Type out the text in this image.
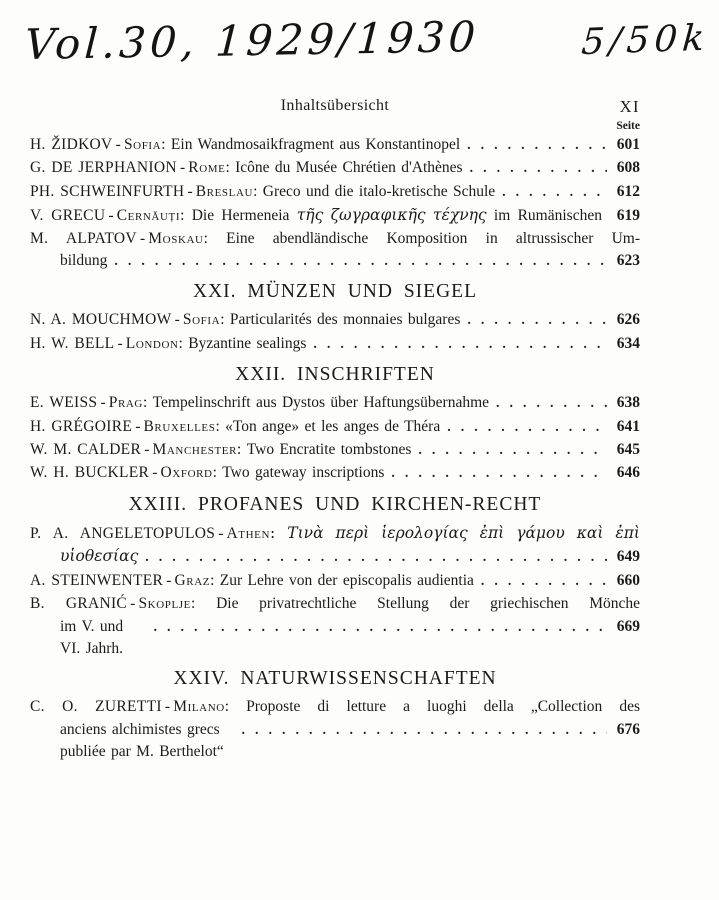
Vol.30, 1929/1930	5/50k
Inhaltsübersicht	XI
Seite
H. ŽIDKOV  - Sofia : Ein Wandmosaikfragment aus Konstantinopel .....	601
G. DE JERPHANION  - Rome : Icône du Musée Chrétien d'Athènes .....	608
PH. SCHWEINFURTH  - Breslau : Greco und die italo-kretische Schule .....	612
V. GRECU  - Cernăuți : Die Hermeneia τῆς ζωγραφικῆς τέχνης im Rumänischen 619
M. ALPATOV  - Moskau : Eine abendländische Komposition in altrussischer Um-
bildung .....	623
XXI. MÜNZEN UND SIEGEL
N. A. MOUCHMOW  - Sofia : Particularités des monnaies bulgares .....	626
H. W. BELL  - London : Byzantine sealings .....	634
XXII. INSCHRIFTEN
E. WEISS  - Prag : Tempelinschrift aus Dystos über Haftungsübernahme .....	638
H. GRÉGOIRE  - Bruxelles : «Ton ange» et les anges de Théra .....	641
W. M. CALDER  - Manchester : Two Encratite tombstones .....	645
W. H. BUCKLER  - Oxford : Two gateway inscriptions .....	646
XXIII. PROFANES UND KIRCHEN-RECHT
P. A. ANGELETOPULOS  - Athen : Τινὰ περὶ ἱερολογίας ἐπὶ γάμου καὶ ἐπὶ
υἱοθεσίας .....	649
A. STEINWENTER  - Graz : Zur Lehre von der episcopalis audientia .....	660
B. GRANIĆ  - Skoplje : Die privatrechtliche Stellung der griechischen Mönche
im V. und VI. Jahrh.
.....
669
XXIV. NATURWISSENSCHAFTEN
C. O. ZURETTI  - Milano : Proposte di letture a luoghi della „Collection des
anciens alchimistes grecs publiée par M. Berthelot“
.....
676
